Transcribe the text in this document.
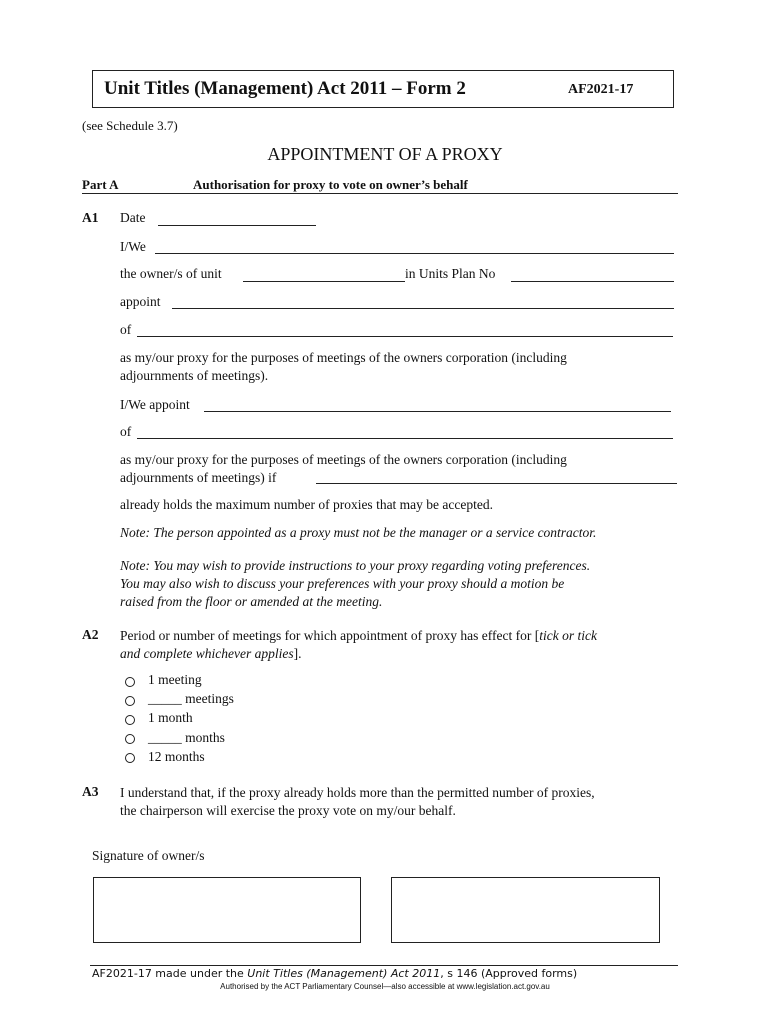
Unit Titles (Management) Act 2011 – Form 2	AF2021-17
(see Schedule 3.7)
APPOINTMENT OF A PROXY
Part A	Authorisation for proxy to vote on owner’s behalf
A1 Date
I/We
the owner/s of unit	in Units Plan No
appoint
of
as my/our proxy for the purposes of meetings of the owners corporation (including
adjournments of meetings).
I/We appoint
of
as my/our proxy for the purposes of meetings of the owners corporation (including
adjournments of meetings) if
already holds the maximum number of proxies that may be accepted.
Note: The person appointed as a proxy must not be the manager or a service contractor.
Note: You may wish to provide instructions to your proxy regarding voting preferences.
You may also wish to discuss your preferences with your proxy should a motion be
raised from the floor or amended at the meeting.
A2 Period or number of meetings for which appointment of proxy has effect for [tick or tick
and complete whichever applies].
1 meeting
_____ meetings
1 month
_____ months
12 months
A3 I understand that, if the proxy already holds more than the permitted number of proxies,
the chairperson will exercise the proxy vote on my/our behalf.
Signature of owner/s
AF2021-17 made under the Unit Titles (Management) Act 2011, s 146 (Approved forms)
Authorised by the ACT Parliamentary Counsel—also accessible at www.legislation.act.gov.au
